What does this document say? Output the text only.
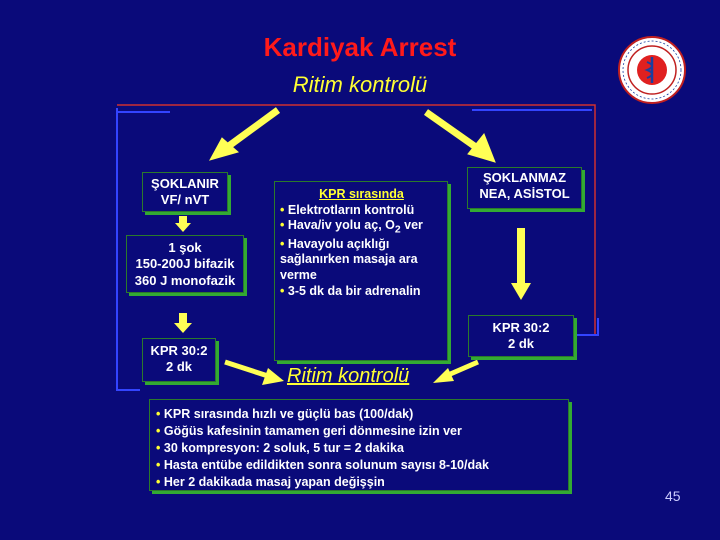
Kardiyak Arrest
Ritim kontrolü
ŞOKLANIR
VF/ nVT
1 şok
150-200J bifazik
360 J monofazik
KPR 30:2
2 dk
KPR sırasında
• Elektrotların kontrolü
• Hava/iv yolu aç, $O_2$ ver
• Havayolu açıklığı sağlanırken masaja ara verme
• 3-5 dk da bir adrenalin
ŞOKLANMAZ
NEA, ASİSTOL
KPR 30:2
2 dk
Ritim kontrolü
• KPR sırasında hızlı ve güçlü bas (100/dak)
• Göğüs kafesinin tamamen geri dönmesine izin ver
• 30 kompresyon: 2 soluk, 5 tur = 2 dakika
• Hasta entübe edildikten sonra solunum sayısı 8-10/dak
• Her 2 dakikada masaj yapan değişşin
45
